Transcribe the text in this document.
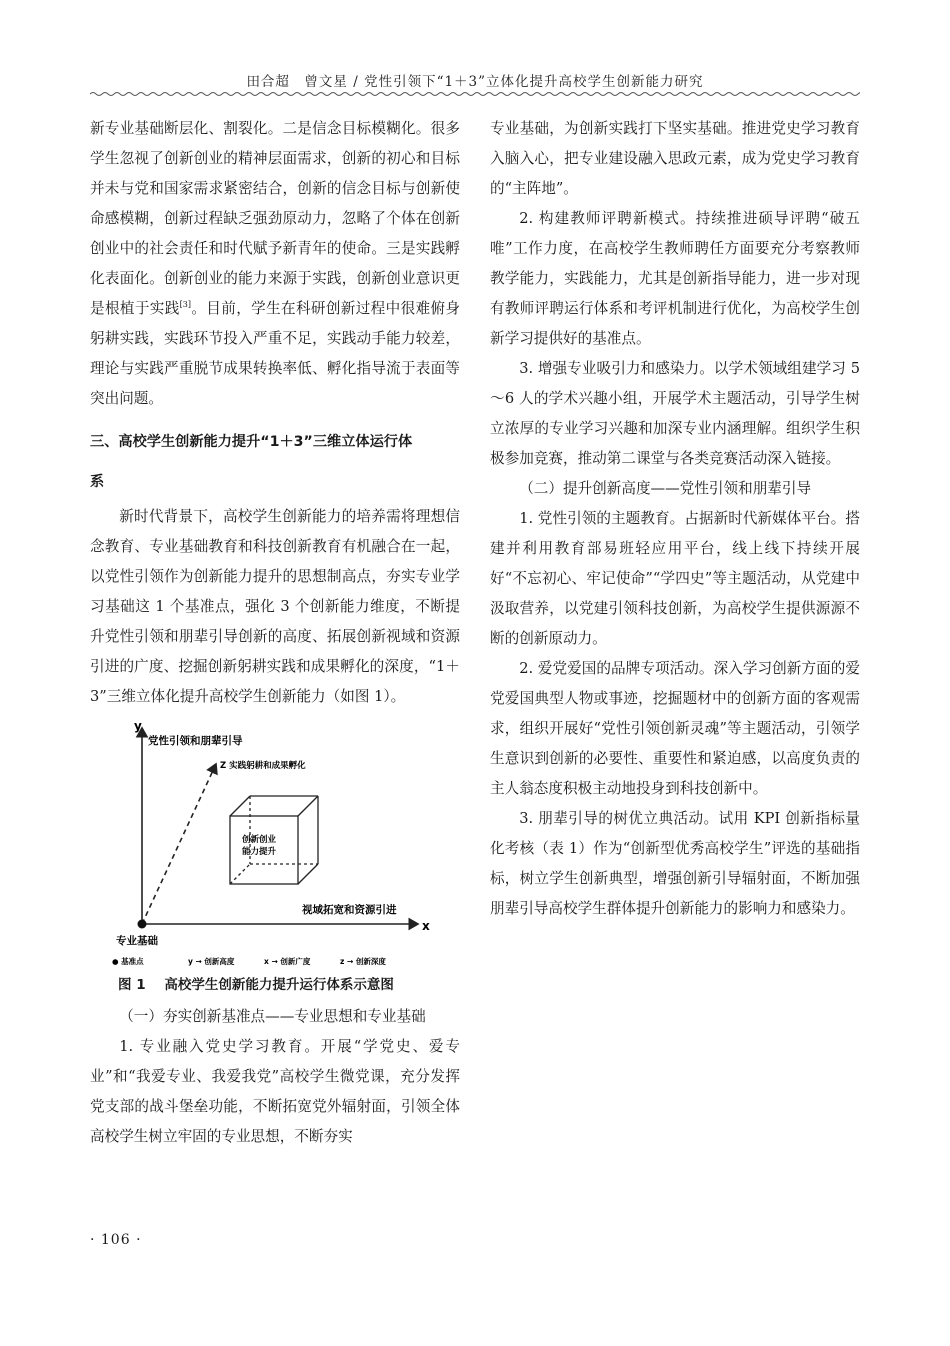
田合超　曾文星 / 党性引领下“1＋3”立体化提升高校学生创新能力研究

新专业基础断层化、割裂化。二是信念目标模糊化。很多学生忽视了创新创业的精神层面需求，创新的初心和目标并未与党和国家需求紧密结合，创新的信念目标与创新使命感模糊，创新过程缺乏强劲原动力，忽略了个体在创新创业中的社会责任和时代赋予新青年的使命。三是实践孵化表面化。创新创业的能力来源于实践，创新创业意识更是根植于实践[3]。目前，学生在科研创新过程中很难俯身躬耕实践，实践环节投入严重不足，实践动手能力较差，理论与实践严重脱节成果转换率低、孵化指导流于表面等突出问题。

三、高校学生创新能力提升“1＋3”三维立体运行体
系

新时代背景下，高校学生创新能力的培养需将理想信念教育、专业基础教育和科技创新教育有机融合在一起，以党性引领作为创新能力提升的思想制高点，夯实专业学习基础这 1 个基准点，强化 3 个创新能力维度，不断提升党性引领和朋辈引导创新的高度、拓展创新视域和资源引进的广度、挖掘创新躬耕实践和成果孵化的深度，“1＋3”三维立体化提升高校学生创新能力（如图 1）。

y
x
党性引领和朋辈引导
Z 实践躬耕和成果孵化
视域拓宽和资源引进
专业基础
创新创业
能力提升
● 基准点	y → 创新高度	x → 创新广度	z → 创新深度
图 1 高校学生创新能力提升运行体系示意图

（一）夯实创新基准点——专业思想和专业基础

1. 专业融入党史学习教育。开展“学党史、爱专业”和“我爱专业、我爱我党”高校学生微党课，充分发挥党支部的战斗堡垒功能，不断拓宽党外辐射面，引领全体高校学生树立牢固的专业思想，不断夯实

专业基础，为创新实践打下坚实基础。推进党史学习教育入脑入心，把专业建设融入思政元素，成为党史学习教育的“主阵地”。

2. 构建教师评聘新模式。持续推进硕导评聘“破五唯”工作力度，在高校学生教师聘任方面要充分考察教师教学能力，实践能力，尤其是创新指导能力，进一步对现有教师评聘运行体系和考评机制进行优化，为高校学生创新学习提供好的基准点。

3. 增强专业吸引力和感染力。以学术领域组建学习 5～6 人的学术兴趣小组，开展学术主题活动，引导学生树立浓厚的专业学习兴趣和加深专业内涵理解。组织学生积极参加竞赛，推动第二课堂与各类竞赛活动深入链接。

（二）提升创新高度——党性引领和朋辈引导

1. 党性引领的主题教育。占据新时代新媒体平台。搭建并利用教育部易班轻应用平台，线上线下持续开展好“不忘初心、牢记使命”“学四史”等主题活动，从党建中汲取营养，以党建引领科技创新，为高校学生提供源源不断的创新原动力。

2. 爱党爱国的品牌专项活动。深入学习创新方面的爱党爱国典型人物或事迹，挖掘题材中的创新方面的客观需求，组织开展好“党性引领创新灵魂”等主题活动，引领学生意识到创新的必要性、重要性和紧迫感，以高度负责的主人翁态度积极主动地投身到科技创新中。

3. 朋辈引导的树优立典活动。试用 KPI 创新指标量化考核（表 1）作为“创新型优秀高校学生”评选的基础指标，树立学生创新典型，增强创新引导辐射面，不断加强朋辈引导高校学生群体提升创新能力的影响力和感染力。

· 106 ·
